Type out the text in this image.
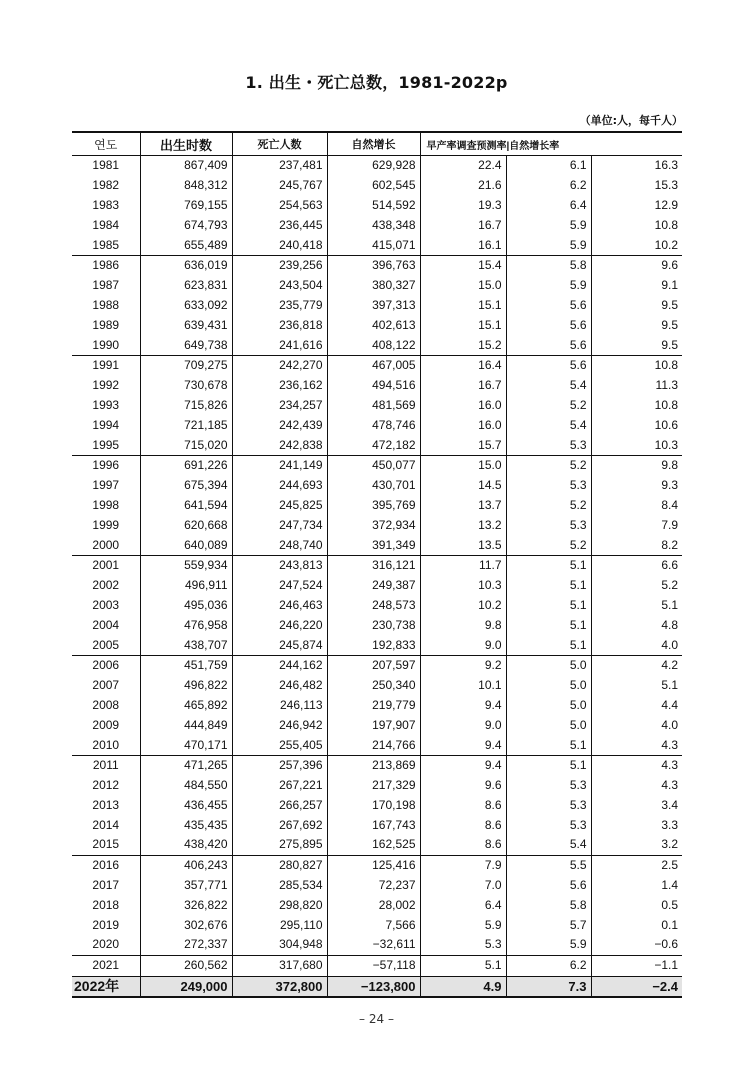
1. 出生・死亡总数，1981-2022p
（单位:人，每千人）
연도	出生时数	死亡人数	自然增长	早产率调查预测率|自然增长率		
1981	867,409	237,481	629,928	22.4	6.1	16.3
1982	848,312	245,767	602,545	21.6	6.2	15.3
1983	769,155	254,563	514,592	19.3	6.4	12.9
1984	674,793	236,445	438,348	16.7	5.9	10.8
1985	655,489	240,418	415,071	16.1	5.9	10.2
1986	636,019	239,256	396,763	15.4	5.8	9.6
1987	623,831	243,504	380,327	15.0	5.9	9.1
1988	633,092	235,779	397,313	15.1	5.6	9.5
1989	639,431	236,818	402,613	15.1	5.6	9.5
1990	649,738	241,616	408,122	15.2	5.6	9.5
1991	709,275	242,270	467,005	16.4	5.6	10.8
1992	730,678	236,162	494,516	16.7	5.4	11.3
1993	715,826	234,257	481,569	16.0	5.2	10.8
1994	721,185	242,439	478,746	16.0	5.4	10.6
1995	715,020	242,838	472,182	15.7	5.3	10.3
1996	691,226	241,149	450,077	15.0	5.2	9.8
1997	675,394	244,693	430,701	14.5	5.3	9.3
1998	641,594	245,825	395,769	13.7	5.2	8.4
1999	620,668	247,734	372,934	13.2	5.3	7.9
2000	640,089	248,740	391,349	13.5	5.2	8.2
2001	559,934	243,813	316,121	11.7	5.1	6.6
2002	496,911	247,524	249,387	10.3	5.1	5.2
2003	495,036	246,463	248,573	10.2	5.1	5.1
2004	476,958	246,220	230,738	9.8	5.1	4.8
2005	438,707	245,874	192,833	9.0	5.1	4.0
2006	451,759	244,162	207,597	9.2	5.0	4.2
2007	496,822	246,482	250,340	10.1	5.0	5.1
2008	465,892	246,113	219,779	9.4	5.0	4.4
2009	444,849	246,942	197,907	9.0	5.0	4.0
2010	470,171	255,405	214,766	9.4	5.1	4.3
2011	471,265	257,396	213,869	9.4	5.1	4.3
2012	484,550	267,221	217,329	9.6	5.3	4.3
2013	436,455	266,257	170,198	8.6	5.3	3.4
2014	435,435	267,692	167,743	8.6	5.3	3.3
2015	438,420	275,895	162,525	8.6	5.4	3.2
2016	406,243	280,827	125,416	7.9	5.5	2.5
2017	357,771	285,534	72,237	7.0	5.6	1.4
2018	326,822	298,820	28,002	6.4	5.8	0.5
2019	302,676	295,110	7,566	5.9	5.7	0.1
2020	272,337	304,948	−32,611	5.3	5.9	−0.6
2021	260,562	317,680	−57,118	5.1	6.2	−1.1
2022年	249,000	372,800	−123,800	4.9	7.3	−2.4
– 24 –
